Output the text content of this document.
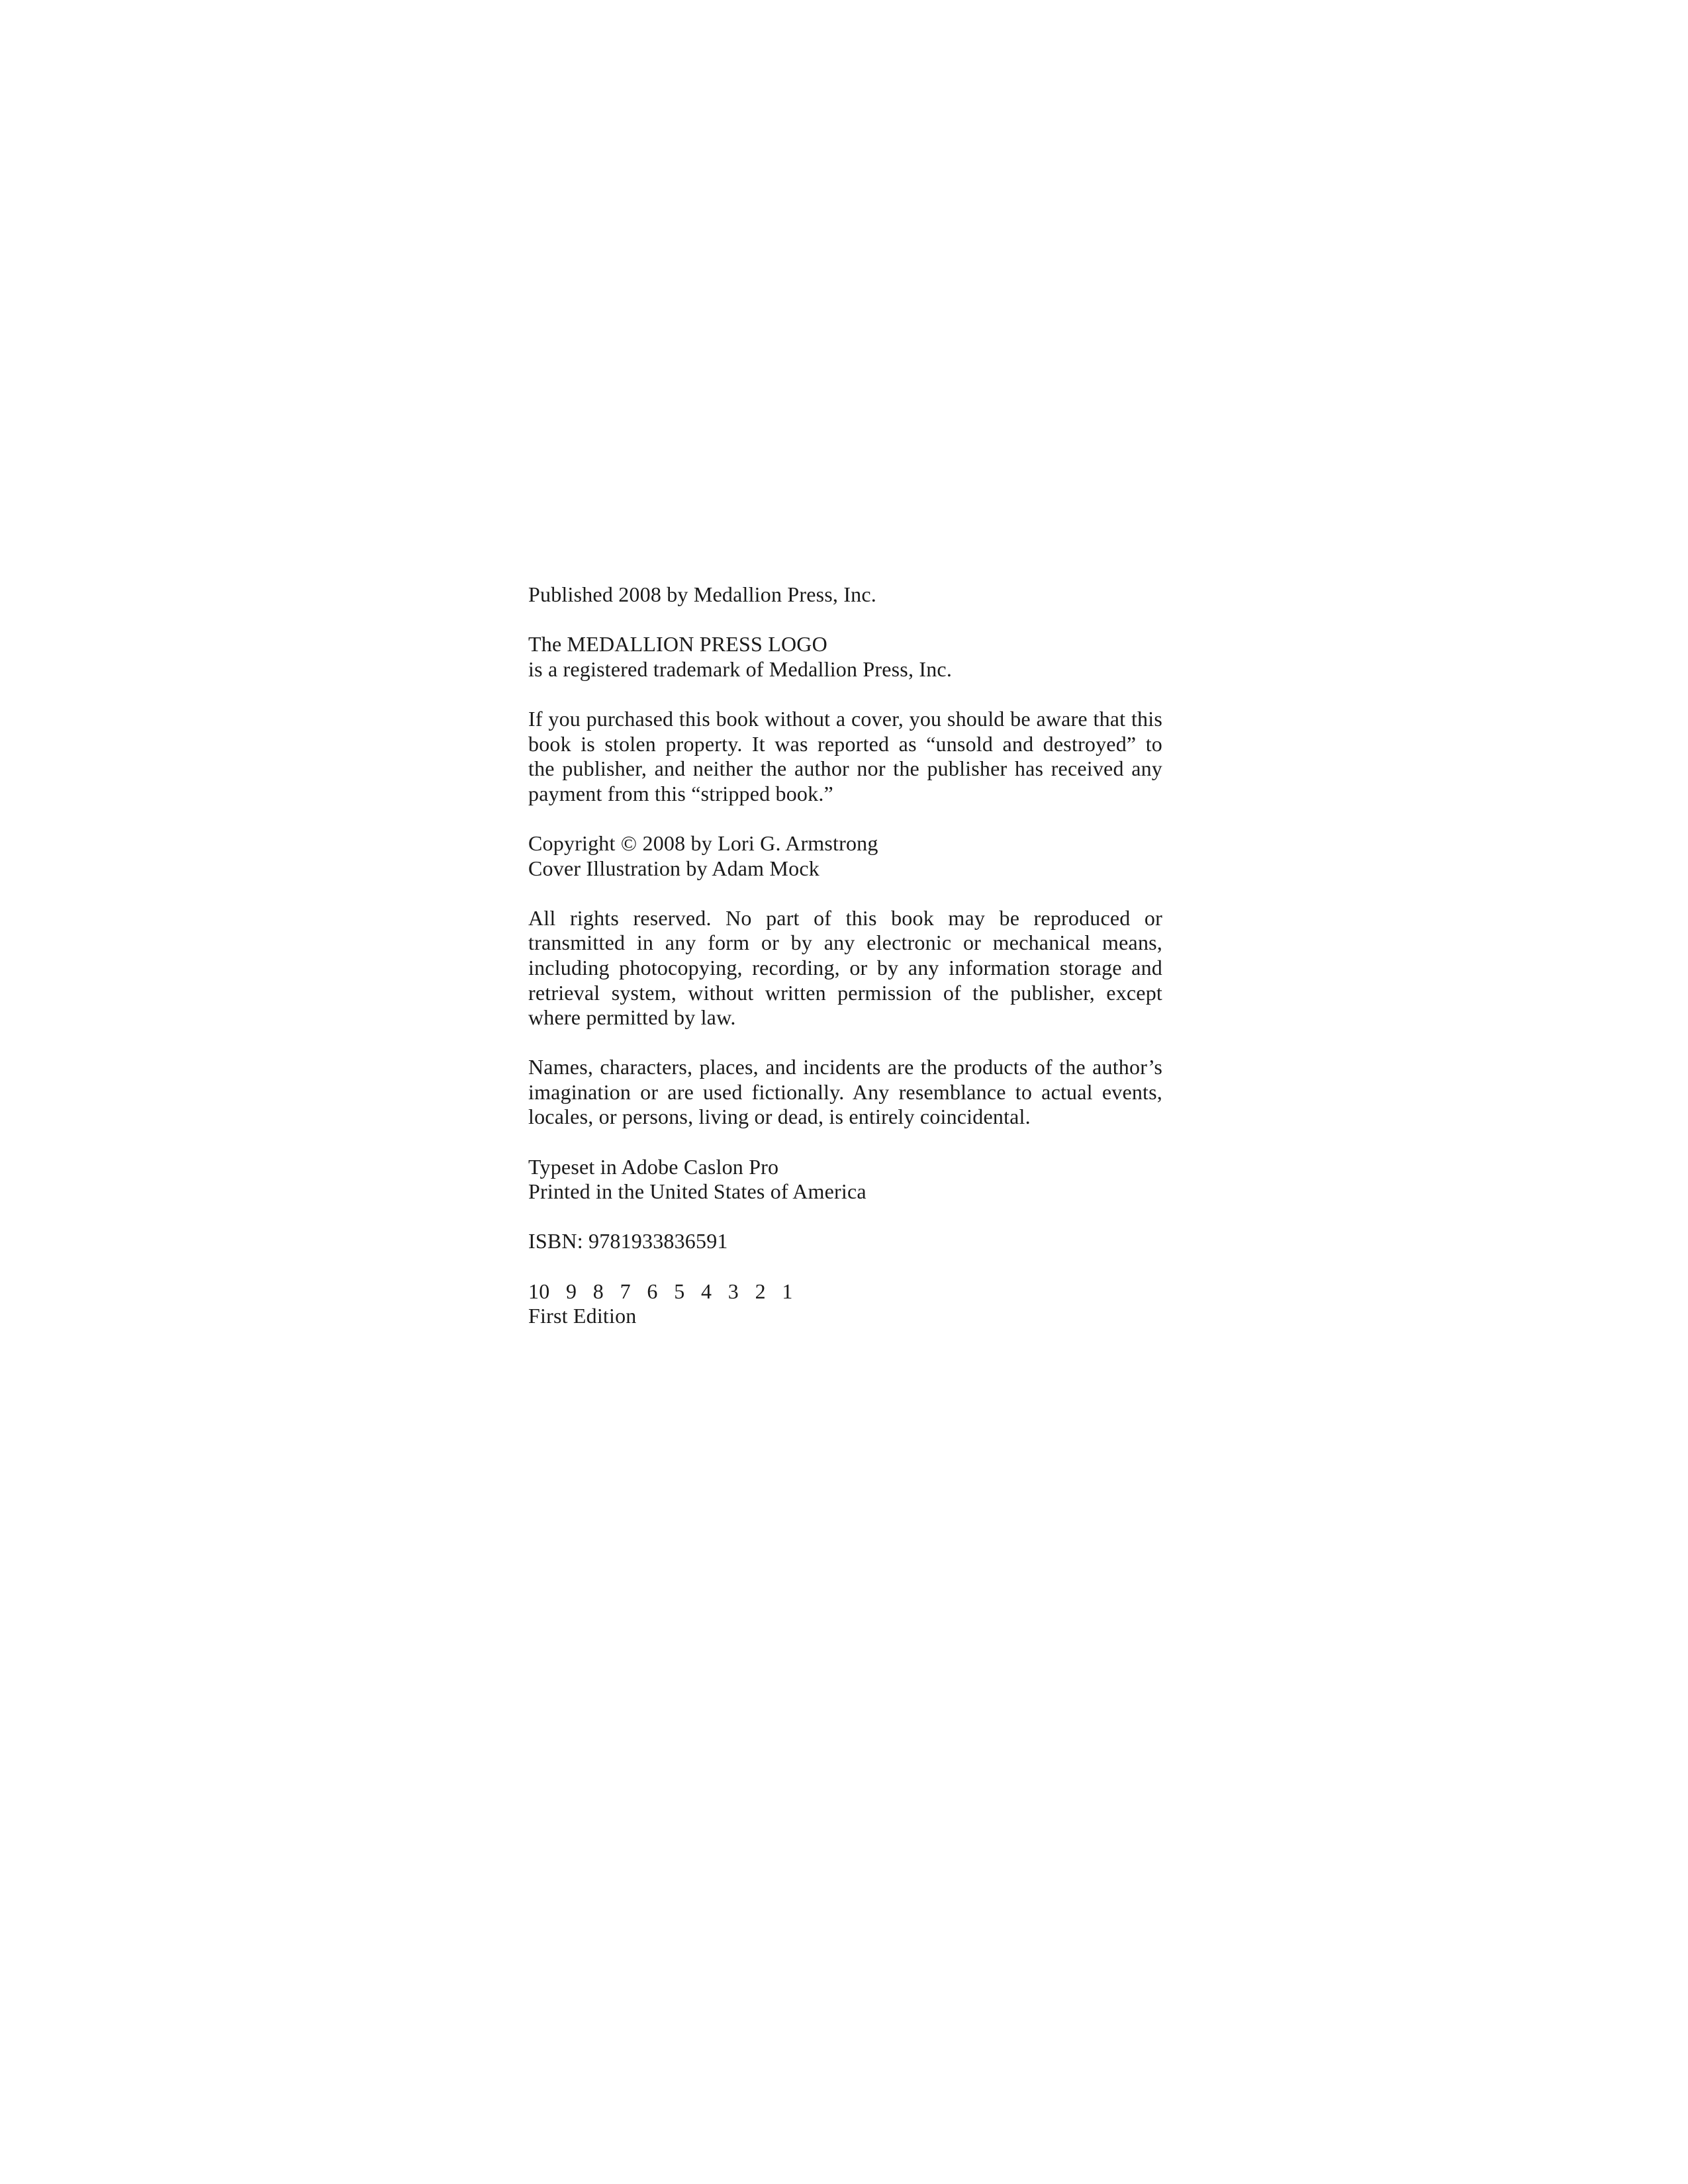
Published 2008 by Medallion Press, Inc.
The MEDALLION PRESS LOGO
is a registered trademark of Medallion Press, Inc.
If you purchased this book without a cover, you should be aware that this
book is stolen property. It was reported as “unsold and destroyed” to
the publisher, and neither the author nor the publisher has received any
payment from this “stripped book.”
Copyright © 2008 by Lori G. Armstrong
Cover Illustration by Adam Mock
All rights reserved. No part of this book may be reproduced or
transmitted in any form or by any electronic or mechanical means,
including photocopying, recording, or by any information storage and
retrieval system, without written permission of the publisher, except
where permitted by law.
Names, characters, places, and incidents are the products of the author’s
imagination or are used fictionally. Any resemblance to actual events,
locales, or persons, living or dead, is entirely coincidental.
Typeset in Adobe Caslon Pro
Printed in the United States of America
ISBN: 9781933836591
10   9   8   7   6   5   4   3   2   1
First Edition
